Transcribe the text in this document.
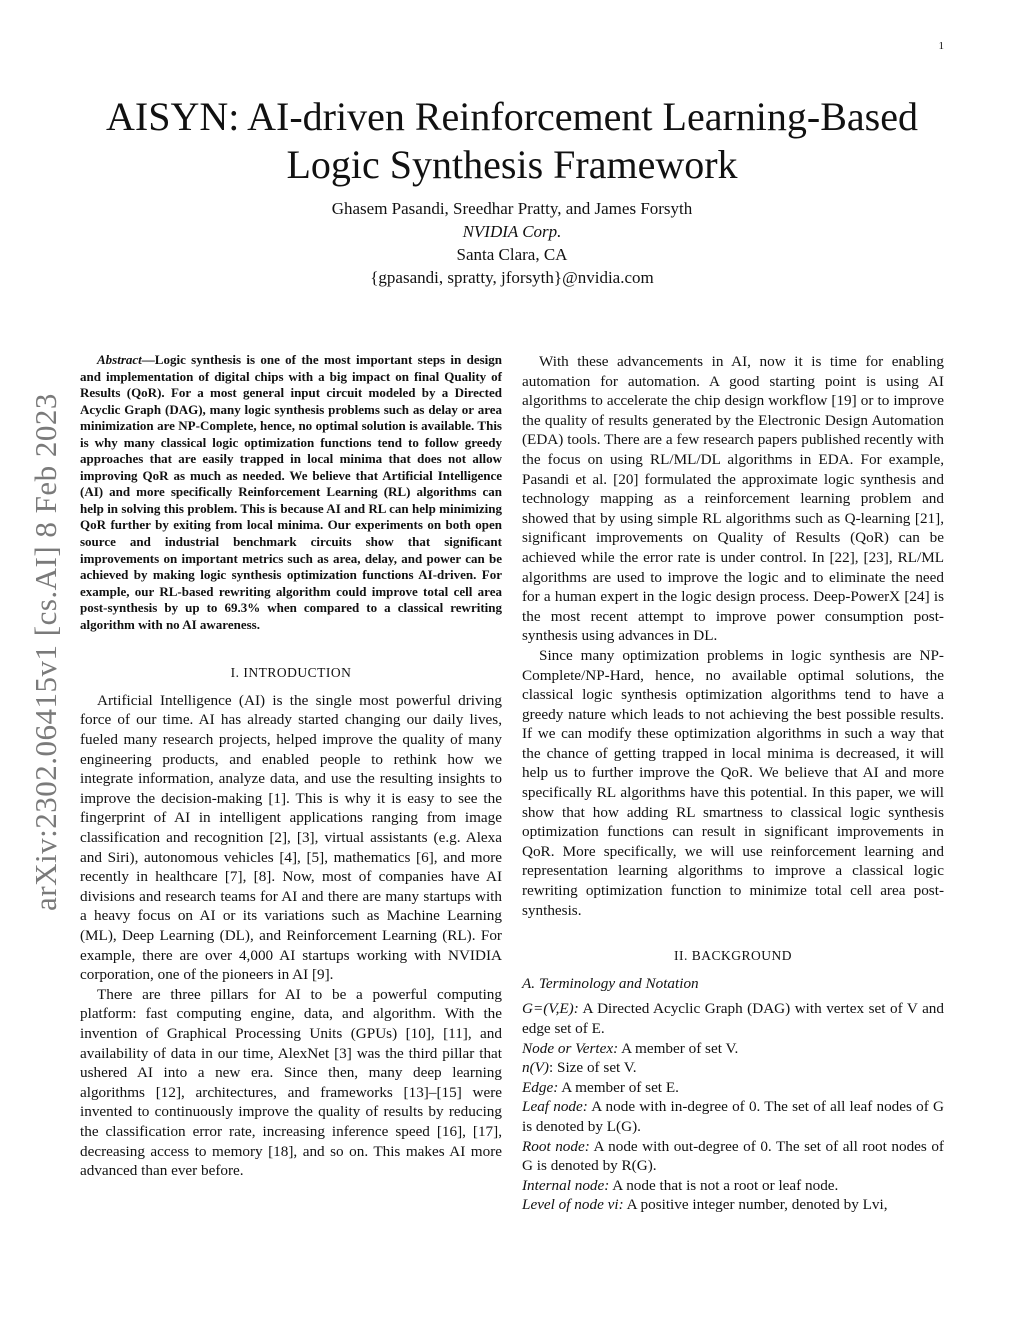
1
arXiv:2302.06415v1 [cs.AI] 8 Feb 2023
AISYN: AI-driven Reinforcement Learning-Based
Logic Synthesis Framework
Ghasem Pasandi, Sreedhar Pratty, and James Forsyth
NVIDIA Corp.
Santa Clara, CA
{gpasandi, spratty, jforsyth}@nvidia.com

Abstract—Logic synthesis is one of the most important steps in design and implementation of digital chips with a big impact on final Quality of Results (QoR). For a most general input circuit modeled by a Directed Acyclic Graph (DAG), many logic synthesis problems such as delay or area minimization are NP-Complete, hence, no optimal solution is available. This is why many classical logic optimization functions tend to follow greedy approaches that are easily trapped in local minima that does not allow improving QoR as much as needed. We believe that Artificial Intelligence (AI) and more specifically Reinforcement Learning (RL) algorithms can help in solving this problem. This is because AI and RL can help minimizing QoR further by exiting from local minima. Our experiments on both open source and industrial benchmark circuits show that significant improvements on important metrics such as area, delay, and power can be achieved by making logic synthesis optimization functions AI-driven. For example, our RL-based rewriting algorithm could improve total cell area post-synthesis by up to 69.3% when compared to a classical rewriting algorithm with no AI awareness.

I. INTRODUCTION

Artificial Intelligence (AI) is the single most powerful driving force of our time. AI has already started changing our daily lives, fueled many research projects, helped improve the quality of many engineering products, and enabled people to rethink how we integrate information, analyze data, and use the resulting insights to improve the decision-making [1]. This is why it is easy to see the fingerprint of AI in intelligent applications ranging from image classification and recognition [2], [3], virtual assistants (e.g. Alexa and Siri), autonomous vehicles [4], [5], mathematics [6], and more recently in healthcare [7], [8]. Now, most of companies have AI divisions and research teams for AI and there are many startups with a heavy focus on AI or its variations such as Machine Learning (ML), Deep Learning (DL), and Reinforcement Learning (RL). For example, there are over 4,000 AI startups working with NVIDIA corporation, one of the pioneers in AI [9].

There are three pillars for AI to be a powerful computing platform: fast computing engine, data, and algorithm. With the invention of Graphical Processing Units (GPUs) [10], [11], and availability of data in our time, AlexNet [3] was the third pillar that ushered AI into a new era. Since then, many deep learning algorithms [12], architectures, and frameworks [13]–[15] were invented to continuously improve the quality of results by reducing the classification error rate, increasing inference speed [16], [17], decreasing access to memory [18], and so on. This makes AI more advanced than ever before.

With these advancements in AI, now it is time for enabling automation for automation. A good starting point is using AI algorithms to accelerate the chip design workflow [19] or to improve the quality of results generated by the Electronic Design Automation (EDA) tools. There are a few research papers published recently with the focus on using RL/ML/DL algorithms in EDA. For example, Pasandi et al. [20] formulated the approximate logic synthesis and technology mapping as a reinforcement learning problem and showed that by using simple RL algorithms such as Q-learning [21], significant improvements on Quality of Results (QoR) can be achieved while the error rate is under control. In [22], [23], RL/ML algorithms are used to improve the logic and to eliminate the need for a human expert in the logic design process. Deep-PowerX [24] is the most recent attempt to improve power consumption post-synthesis using advances in DL.

Since many optimization problems in logic synthesis are NP-Complete/NP-Hard, hence, no available optimal solutions, the classical logic synthesis optimization algorithms tend to have a greedy nature which leads to not achieving the best possible results. If we can modify these optimization algorithms in such a way that the chance of getting trapped in local minima is decreased, it will help us to further improve the QoR. We believe that AI and more specifically RL algorithms have this potential. In this paper, we will show that how adding RL smartness to classical logic synthesis optimization functions can result in significant improvements in QoR. More specifically, we will use reinforcement learning and representation learning algorithms to improve a classical logic rewriting optimization function to minimize total cell area post-synthesis.

II. BACKGROUND
A. Terminology and Notation

G=(V,E): A Directed Acyclic Graph (DAG) with vertex set of V and edge set of E.

Node or Vertex: A member of set V.

n(V): Size of set V.

Edge: A member of set E.

Leaf node: A node with in-degree of 0. The set of all leaf nodes of G is denoted by L(G).

Root node: A node with out-degree of 0. The set of all root nodes of G is denoted by R(G).

Internal node: A node that is not a root or leaf node.

Level of node vi: A positive integer number, denoted by Lvi,
